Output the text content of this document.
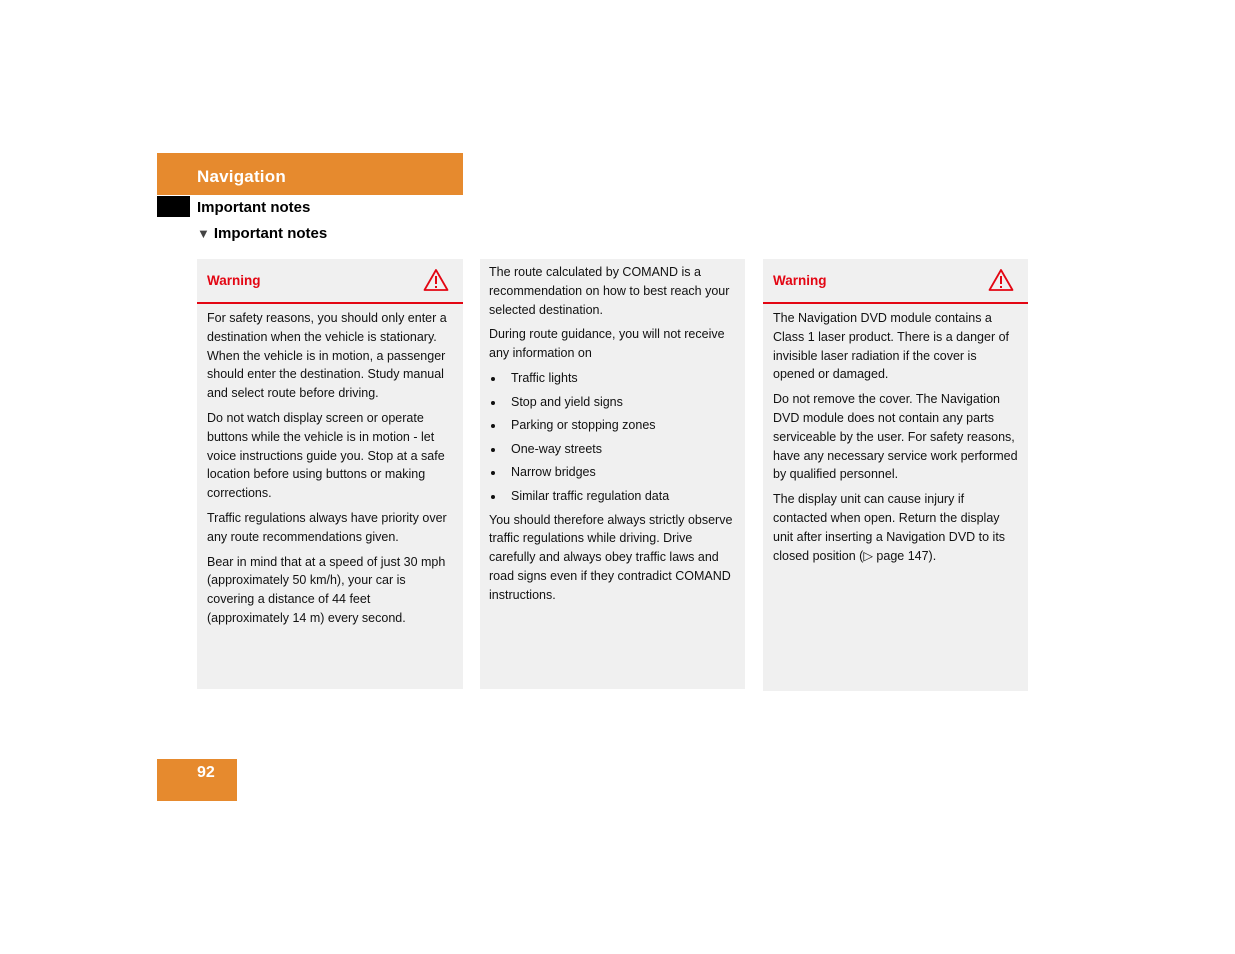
Navigation
Important notes
▼ Important notes
Warning

For safety reasons, you should only enter a destination when the vehicle is stationary. When the vehicle is in motion, a passenger should enter the destination. Study manual and select route before driving.

Do not watch display screen or operate buttons while the vehicle is in motion - let voice instructions guide you. Stop at a safe location before using buttons or making corrections.

Traffic regulations always have priority over any route recommendations given.

Bear in mind that at a speed of just 30 mph (approximately 50 km/h), your car is covering a distance of 44 feet (approximately 14 m) every second.

The route calculated by COMAND is a recommendation on how to best reach your selected destination.

During route guidance, you will not receive any information on

Traffic lights
Stop and yield signs
Parking or stopping zones
One-way streets
Narrow bridges
Similar traffic regulation data

You should therefore always strictly observe traffic regulations while driving. Drive carefully and always obey traffic laws and road signs even if they contradict COMAND instructions.

Warning

The Navigation DVD module contains a Class 1 laser product. There is a danger of invisible laser radiation if the cover is opened or damaged.

Do not remove the cover. The Navigation DVD module does not contain any parts serviceable by the user. For safety reasons, have any necessary service work performed by qualified personnel.

The display unit can cause injury if contacted when open. Return the display unit after inserting a Navigation DVD to its closed position (▷ page 147).

92
